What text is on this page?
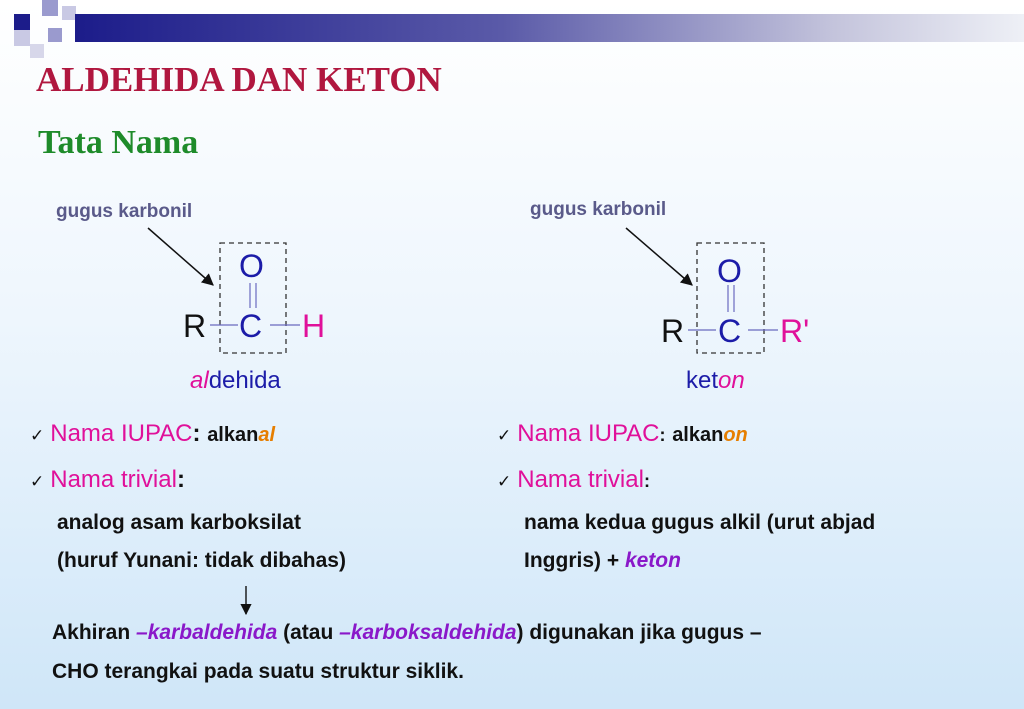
ALDEHIDA DAN KETON
Tata Nama
gugus karbonil
O
R C H
aldehida
gugus karbonil
O
R C R'
keton
✓ Nama IUPAC: alkanal
✓ Nama trivial:
analog asam karboksilat
(huruf Yunani: tidak dibahas)
✓ Nama IUPAC: alkanon
✓ Nama trivial:
nama kedua gugus alkil (urut abjad
Inggris) + keton
Akhiran –karbaldehida (atau –karboksaldehida) digunakan jika gugus –
CHO terangkai pada suatu struktur siklik.
